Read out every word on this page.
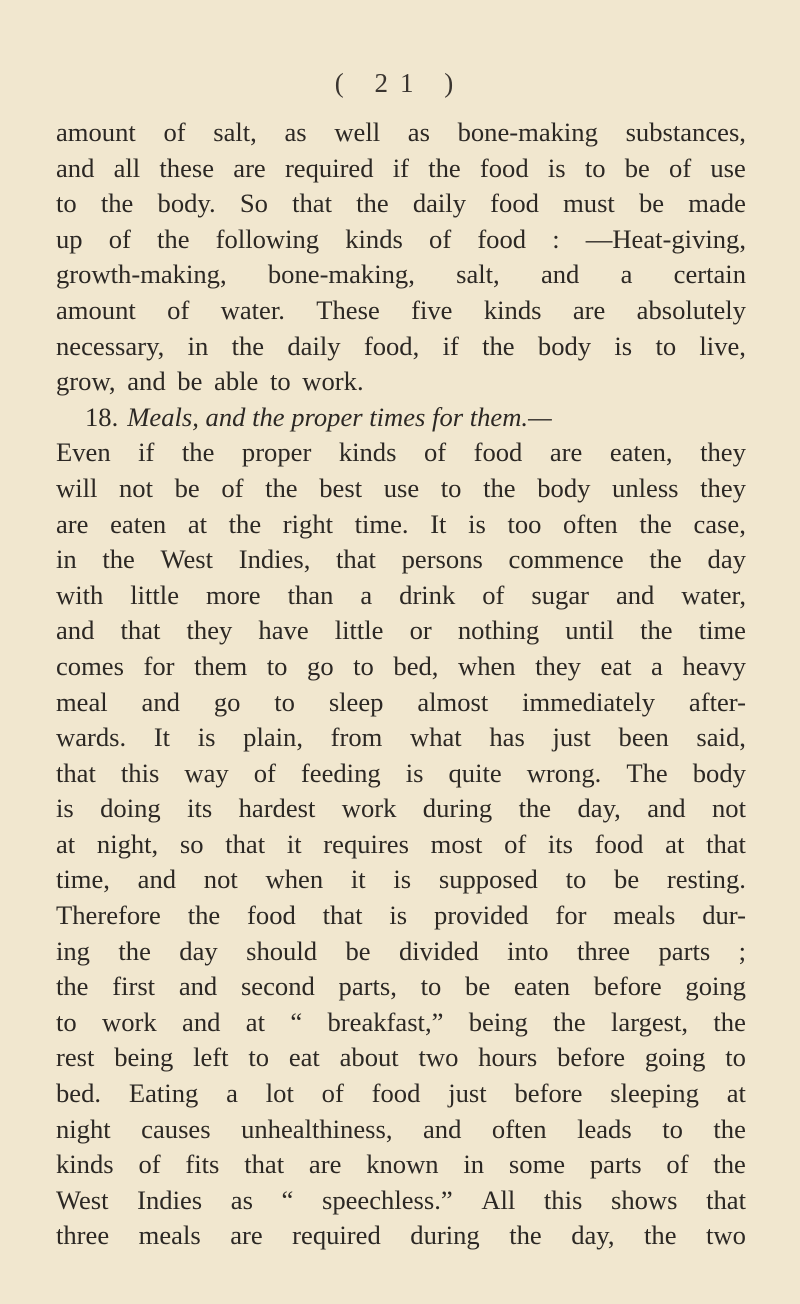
( 21 )
amount of salt, as well as bone-making substances,
and all these are required if the food is to be of use
to the body. So that the daily food must be made
up of the following kinds of food : —Heat-giving,
growth-making, bone-making, salt, and a certain
amount of water. These five kinds are absolutely
necessary, in the daily food, if the body is to live,
grow, and be able to work.
18. Meals, and the proper times for them.—
Even if the proper kinds of food are eaten, they
will not be of the best use to the body unless they
are eaten at the right time. It is too often the case,
in the West Indies, that persons commence the day
with little more than a drink of sugar and water,
and that they have little or nothing until the time
comes for them to go to bed, when they eat a heavy
meal and go to sleep almost immediately after-
wards. It is plain, from what has just been said,
that this way of feeding is quite wrong. The body
is doing its hardest work during the day, and not
at night, so that it requires most of its food at that
time, and not when it is supposed to be resting.
Therefore the food that is provided for meals dur-
ing the day should be divided into three parts ;
the first and second parts, to be eaten before going
to work and at “ breakfast,” being the largest, the
rest being left to eat about two hours before going to
bed. Eating a lot of food just before sleeping at
night causes unhealthiness, and often leads to the
kinds of fits that are known in some parts of the
West Indies as “ speechless.” All this shows that
three meals are required during the day, the two
